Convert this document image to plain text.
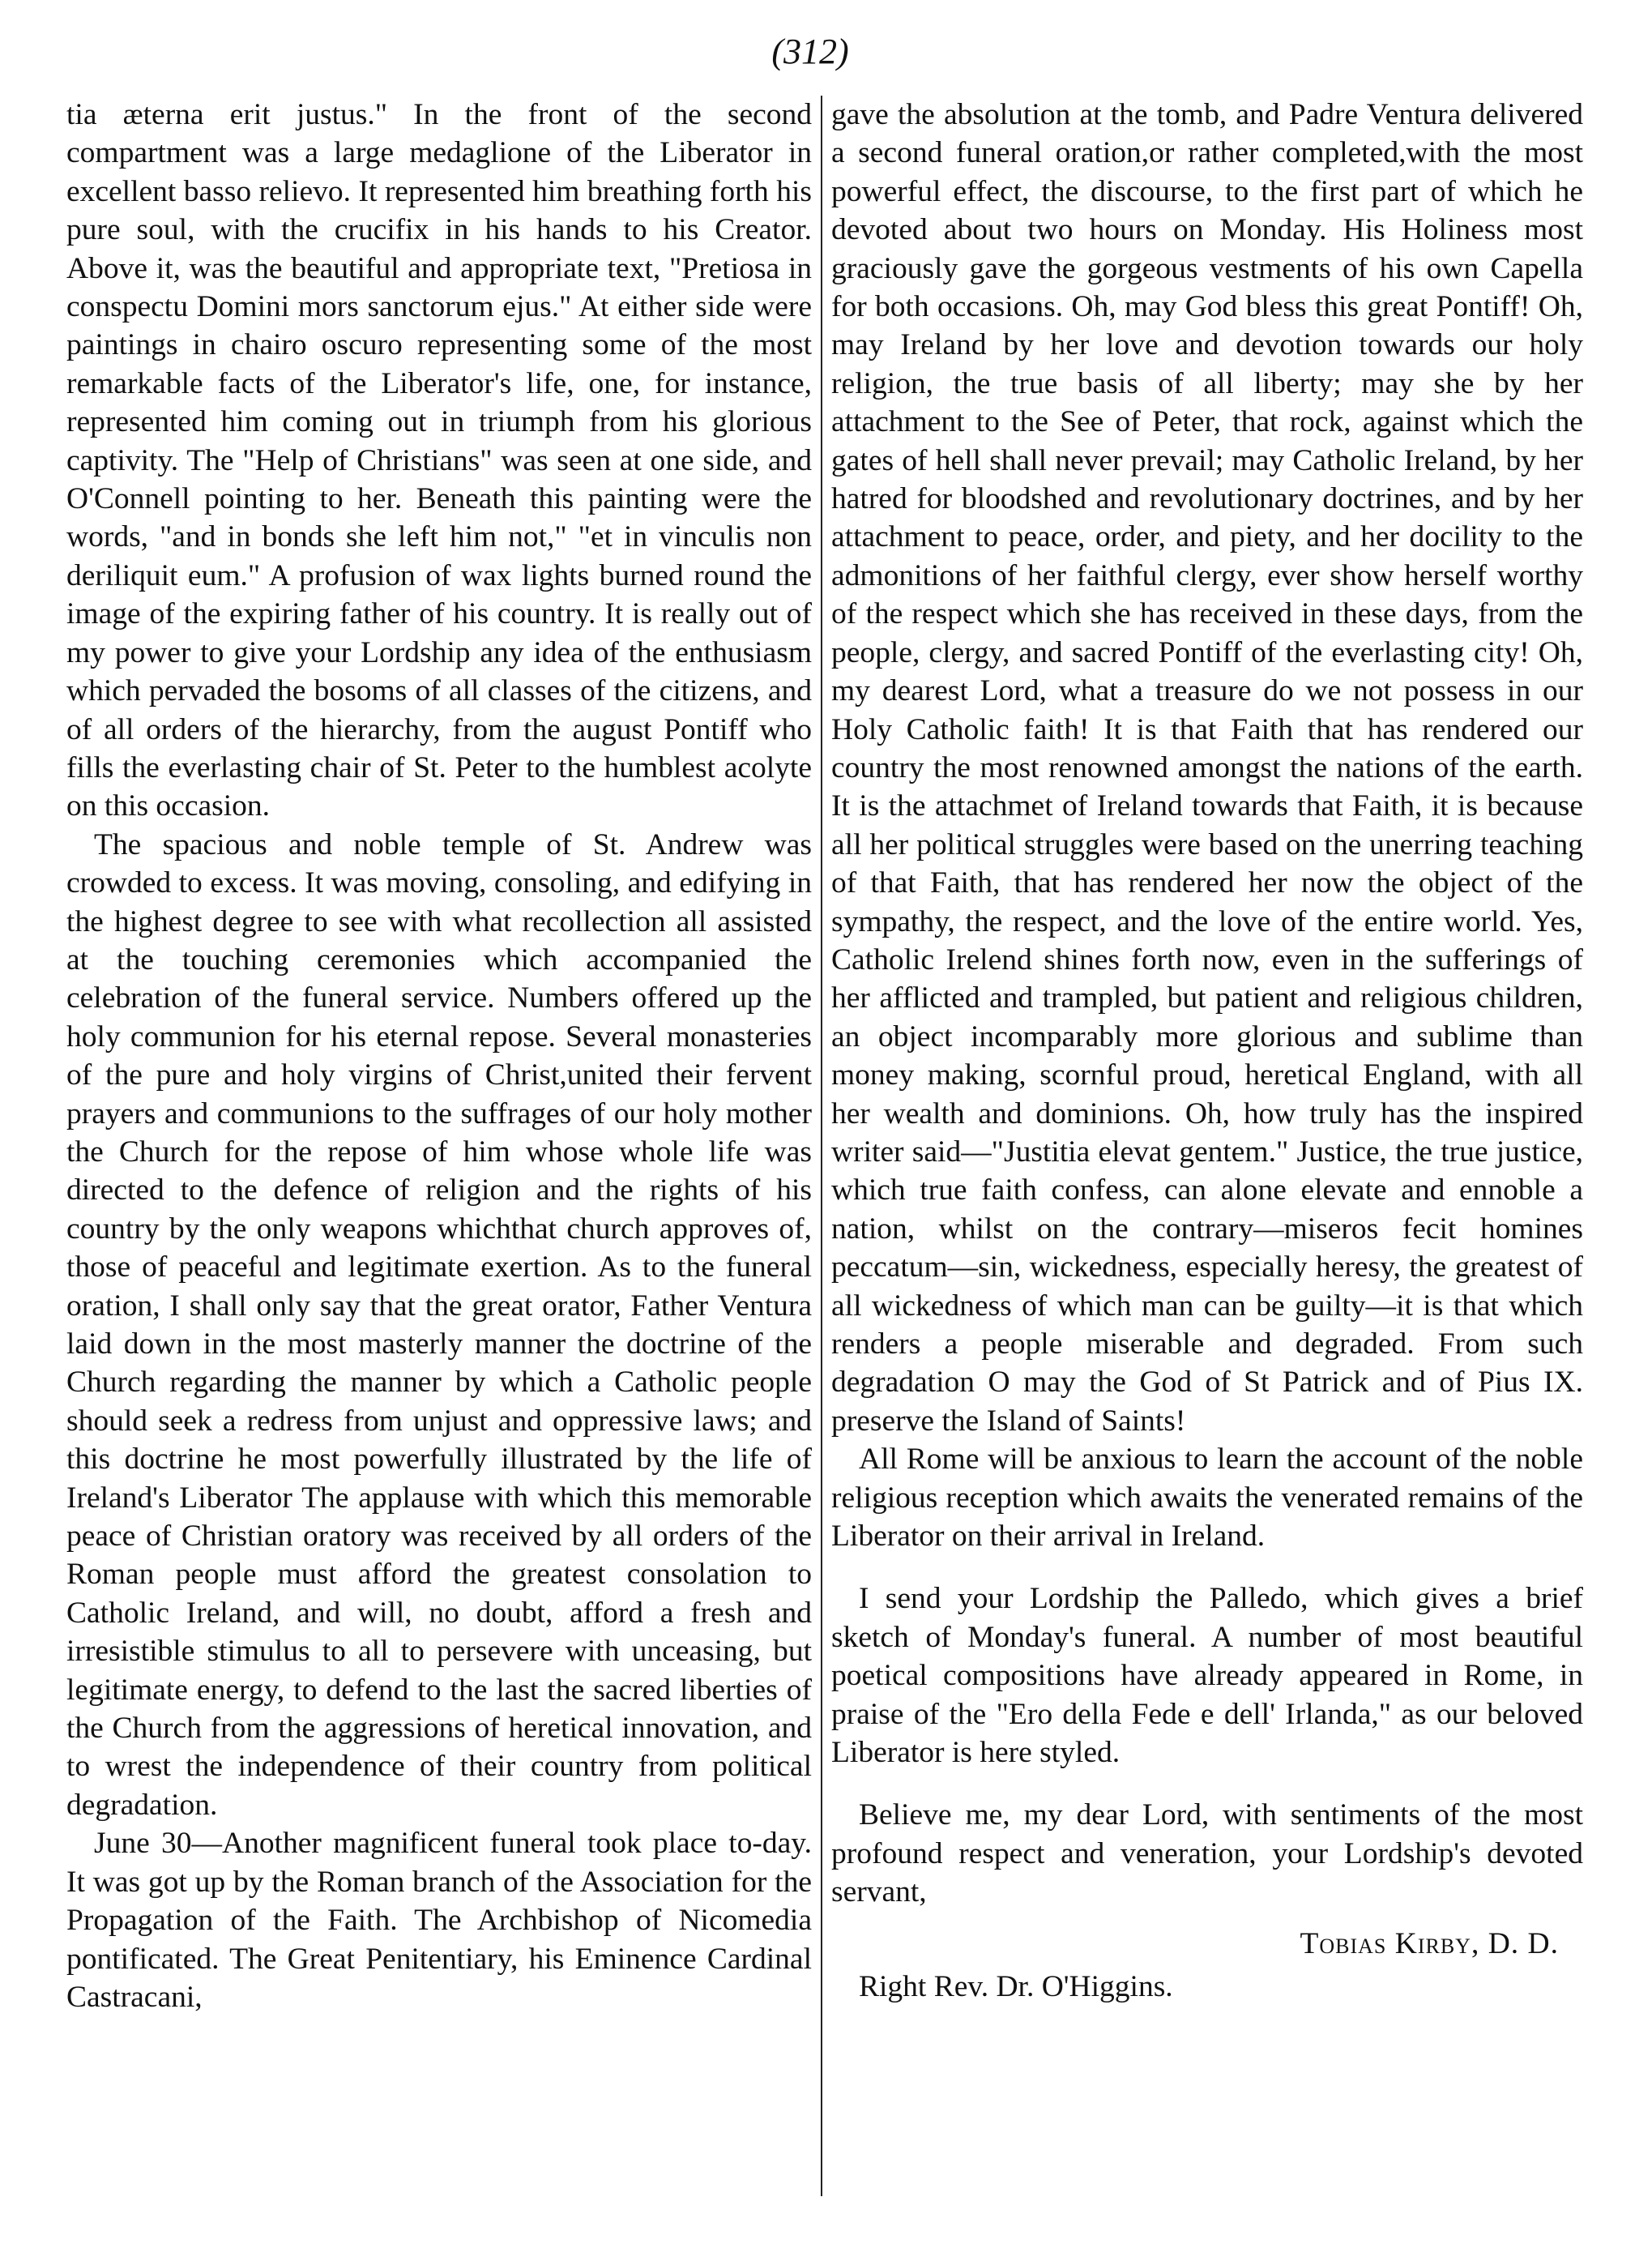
(312)

tia æterna erit justus." In the front of the second compartment was a large medaglione of the Liberator in excellent basso relievo. It represented him breathing forth his pure soul, with the crucifix in his hands to his Creator. Above it, was the beautiful and appropriate text, "Pretiosa in conspectu Domini mors sanctorum ejus." At either side were paintings in chairo oscuro representing some of the most remarkable facts of the Liberator's life, one, for instance, represented him coming out in triumph from his glorious captivity. The "Help of Christians" was seen at one side, and O'Connell pointing to her. Beneath this painting were the words, "and in bonds she left him not," "et in vinculis non deriliquit eum." A profusion of wax lights burned round the image of the expiring father of his country. It is really out of my power to give your Lordship any idea of the enthusiasm which pervaded the bosoms of all classes of the citizens, and of all orders of the hierarchy, from the august Pontiff who fills the everlasting chair of St. Peter to the humblest acolyte on this occasion.

The spacious and noble temple of St. Andrew was crowded to excess. It was moving, consoling, and edifying in the highest degree to see with what recollection all assisted at the touching ceremonies which accompanied the celebration of the funeral service. Numbers offered up the holy communion for his eternal repose. Several monasteries of the pure and holy virgins of Christ,united their fervent prayers and communions to the suffrages of our holy mother the Church for the repose of him whose whole life was directed to the defence of religion and the rights of his country by the only weapons whichthat church approves of, those of peaceful and legitimate exertion. As to the funeral oration, I shall only say that the great orator, Father Ventura laid down in the most masterly manner the doctrine of the Church regarding the manner by which a Catholic people should seek a redress from unjust and oppressive laws; and this doctrine he most powerfully illustrated by the life of Ireland's Liberator The applause with which this memorable peace of Christian oratory was received by all orders of the Roman people must afford the greatest consolation to Catholic Ireland, and will, no doubt, afford a fresh and irresistible stimulus to all to persevere with unceasing, but legitimate energy, to defend to the last the sacred liberties of the Church from the aggressions of heretical innovation, and to wrest the independence of their country from political degradation.

June 30—Another magnificent funeral took place to-day. It was got up by the Roman branch of the Association for the Propagation of the Faith. The Archbishop of Nicomedia pontificated. The Great Penitentiary, his Eminence Cardinal Castracani,

gave the absolution at the tomb, and Padre Ventura delivered a second funeral oration,or rather completed,with the most powerful effect, the discourse, to the first part of which he devoted about two hours on Monday. His Holiness most graciously gave the gorgeous vestments of his own Capella for both occasions. Oh, may God bless this great Pontiff! Oh, may Ireland by her love and devotion towards our holy religion, the true basis of all liberty; may she by her attachment to the See of Peter, that rock, against which the gates of hell shall never prevail; may Catholic Ireland, by her hatred for bloodshed and revolutionary doctrines, and by her attachment to peace, order, and piety, and her docility to the admonitions of her faithful clergy, ever show herself worthy of the respect which she has received in these days, from the people, clergy, and sacred Pontiff of the everlasting city! Oh, my dearest Lord, what a treasure do we not possess in our Holy Catholic faith! It is that Faith that has rendered our country the most renowned amongst the nations of the earth. It is the attachmet of Ireland towards that Faith, it is because all her political struggles were based on the unerring teaching of that Faith, that has rendered her now the object of the sympathy, the respect, and the love of the entire world. Yes, Catholic Irelend shines forth now, even in the sufferings of her afflicted and trampled, but patient and religious children, an object incomparably more glorious and sublime than money making, scornful proud, heretical England, with all her wealth and dominions. Oh, how truly has the inspired writer said—"Justitia elevat gentem." Justice, the true justice, which true faith confess, can alone elevate and ennoble a nation, whilst on the contrary—miseros fecit homines peccatum—sin, wickedness, especially heresy, the greatest of all wickedness of which man can be guilty—it is that which renders a people miserable and degraded. From such degradation O may the God of St Patrick and of Pius IX. preserve the Island of Saints!

All Rome will be anxious to learn the account of the noble religious reception which awaits the venerated remains of the Liberator on their arrival in Ireland.

I send your Lordship the Palledo, which gives a brief sketch of Monday's funeral. A number of most beautiful poetical compositions have already appeared in Rome, in praise of the "Ero della Fede e dell' Irlanda," as our beloved Liberator is here styled.

Believe me, my dear Lord, with sentiments of the most profound respect and veneration, your Lordship's devoted servant,

Tobias Kirby, D. D.
Right Rev. Dr. O'Higgins.
